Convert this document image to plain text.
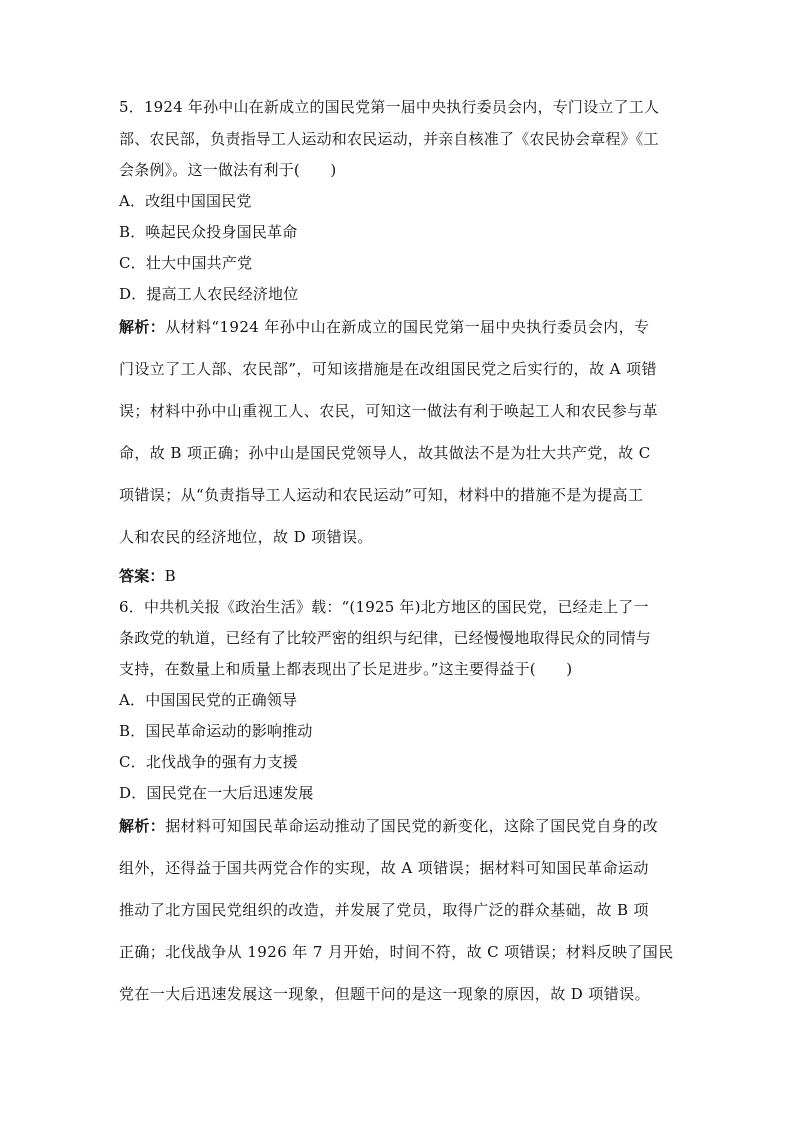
5．1924 年孙中山在新成立的国民党第一届中央执行委员会内，专门设立了工人
部、农民部，负责指导工人运动和农民运动，并亲自核准了《农民协会章程》《工
会条例》。这一做法有利于(　　)
A．改组中国国民党
B．唤起民众投身国民革命
C．壮大中国共产党
D．提高工人农民经济地位
解析：从材料“1924 年孙中山在新成立的国民党第一届中央执行委员会内，专
门设立了工人部、农民部”，可知该措施是在改组国民党之后实行的，故 A 项错
误；材料中孙中山重视工人、农民，可知这一做法有利于唤起工人和农民参与革
命，故 B 项正确；孙中山是国民党领导人，故其做法不是为壮大共产党，故 C
项错误；从“负责指导工人运动和农民运动”可知，材料中的措施不是为提高工
人和农民的经济地位，故 D 项错误。
答案：B
6．中共机关报《政治生活》载：“(1925 年)北方地区的国民党，已经走上了一
条政党的轨道，已经有了比较严密的组织与纪律，已经慢慢地取得民众的同情与
支持，在数量上和质量上都表现出了长足进步。”这主要得益于(　　)
A．中国国民党的正确领导
B．国民革命运动的影响推动
C．北伐战争的强有力支援
D．国民党在一大后迅速发展
解析：据材料可知国民革命运动推动了国民党的新变化，这除了国民党自身的改
组外，还得益于国共两党合作的实现，故 A 项错误；据材料可知国民革命运动
推动了北方国民党组织的改造，并发展了党员，取得广泛的群众基础，故 B 项
正确；北伐战争从 1926 年 7 月开始，时间不符，故 C 项错误；材料反映了国民
党在一大后迅速发展这一现象，但题干问的是这一现象的原因，故 D 项错误。
